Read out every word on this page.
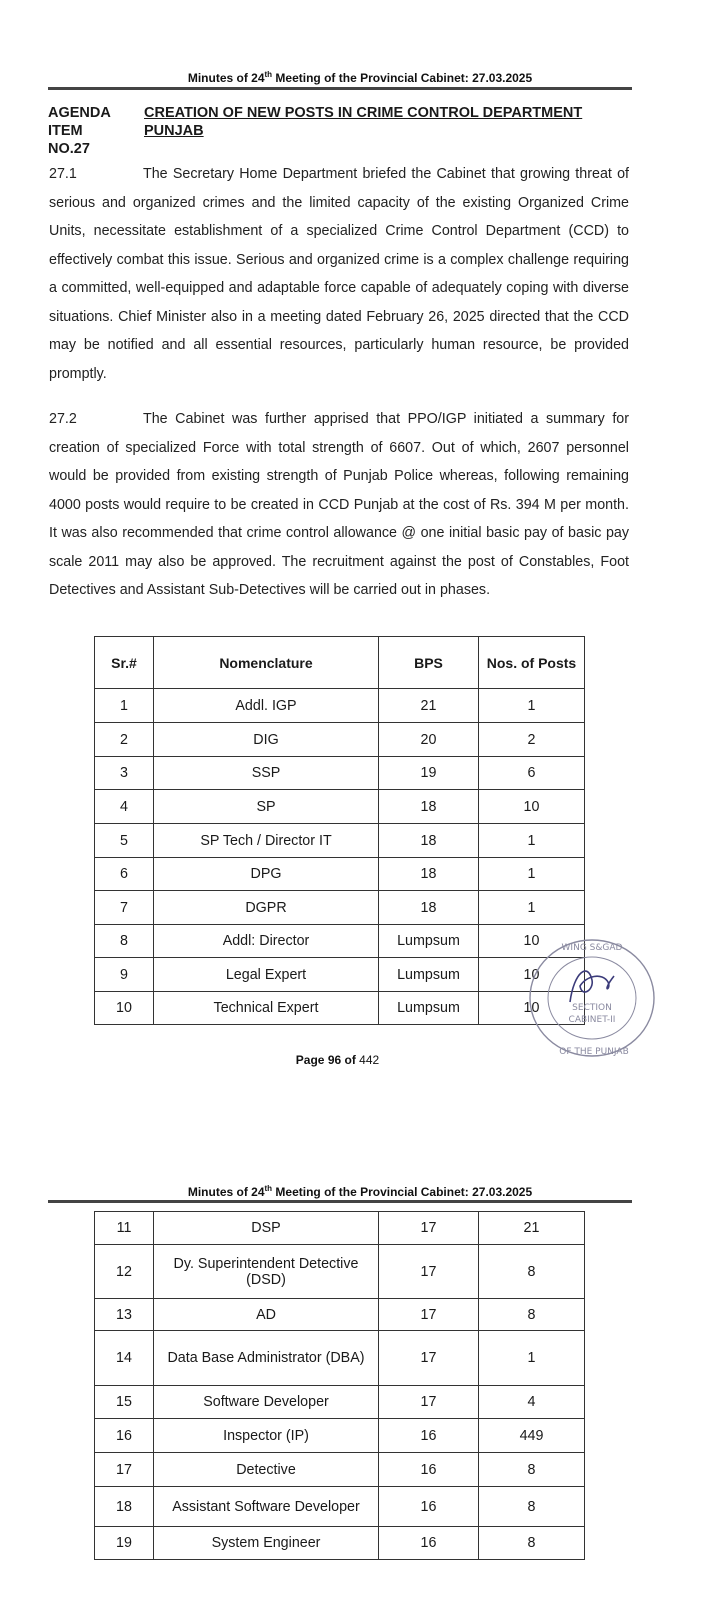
Minutes of 24th Meeting of the Provincial Cabinet: 27.03.2025
AGENDA
ITEM
NO.27
CREATION OF NEW POSTS IN CRIME CONTROL DEPARTMENT
PUNJAB
27.1	The Secretary Home Department briefed the Cabinet that growing threat of serious and organized crimes and the limited capacity of the existing Organized Crime Units, necessitate establishment of a specialized Crime Control Department (CCD) to effectively combat this issue. Serious and organized crime is a complex challenge requiring a committed, well-equipped and adaptable force capable of adequately coping with diverse situations. Chief Minister also in a meeting dated February 26, 2025 directed that the CCD may be notified and all essential resources, particularly human resource, be provided promptly.
27.2	The Cabinet was further apprised that PPO/IGP initiated a summary for creation of specialized Force with total strength of 6607. Out of which, 2607 personnel would be provided from existing strength of Punjab Police whereas, following remaining 4000 posts would require to be created in CCD Punjab at the cost of Rs. 394 M per month. It was also recommended that crime control allowance @ one initial basic pay of basic pay scale 2011 may also be approved. The recruitment against the post of Constables, Foot Detectives and Assistant Sub-Detectives will be carried out in phases.
Sr.#	Nomenclature	BPS	Nos. of Posts
1	Addl. IGP	21	1
2	DIG	20	2
3	SSP	19	6
4	SP	18	10
5	SP Tech / Director IT	18	1
6	DPG	18	1
7	DGPR	18	1
8	Addl: Director	Lumpsum	10
9	Legal Expert	Lumpsum	10
10	Technical Expert	Lumpsum	10
Page 96 of 442
WING S&GAD
SECTION
CABINET-II
OF THE PUNJAB
Minutes of 24th Meeting of the Provincial Cabinet: 27.03.2025
11	DSP	17	21
12	Dy. Superintendent Detective (DSD)	17	8
13	AD	17	8
14	Data Base Administrator (DBA)	17	1
15	Software Developer	17	4
16	Inspector (IP)	16	449
17	Detective	16	8
18	Assistant Software Developer	16	8
19	System Engineer	16	8
